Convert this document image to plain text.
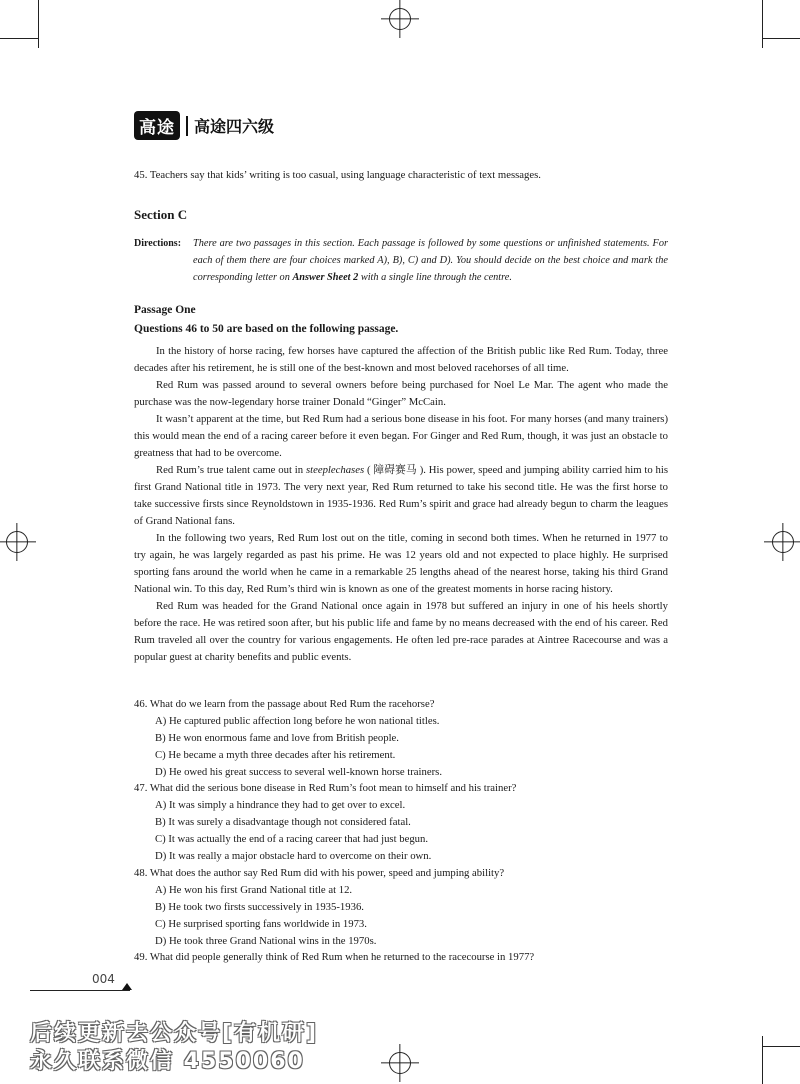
高途	高途四六级
45. Teachers say that kids’ writing is too casual, using language characteristic of text messages.
Section C
Directions: There are two passages in this section. Each passage is followed by some questions or unfinished statements. For each of them there are four choices marked A), B), C) and D). You should decide on the best choice and mark the corresponding letter on Answer Sheet 2 with a single line through the centre.
Passage One
Questions 46 to 50 are based on the following passage.

In the history of horse racing, few horses have captured the affection of the British public like Red Rum. Today, three decades after his retirement, he is still one of the best-known and most beloved racehorses of all time.

Red Rum was passed around to several owners before being purchased for Noel Le Mar. The agent who made the purchase was the now-legendary horse trainer Donald “Ginger” McCain.

It wasn’t apparent at the time, but Red Rum had a serious bone disease in his foot. For many horses (and many trainers) this would mean the end of a racing career before it even began. For Ginger and Red Rum, though, it was just an obstacle to greatness that had to be overcome.

Red Rum’s true talent came out in steeplechases ( 障碍赛马 ). His power, speed and jumping ability carried him to his first Grand National title in 1973. The very next year, Red Rum returned to take his second title. He was the first horse to take successive firsts since Reynoldstown in 1935-1936. Red Rum’s spirit and grace had already begun to charm the leagues of Grand National fans.

In the following two years, Red Rum lost out on the title, coming in second both times. When he returned in 1977 to try again, he was largely regarded as past his prime. He was 12 years old and not expected to place highly. He surprised sporting fans around the world when he came in a remarkable 25 lengths ahead of the nearest horse, taking his third Grand National win. To this day, Red Rum’s third win is known as one of the greatest moments in horse racing history.

Red Rum was headed for the Grand National once again in 1978 but suffered an injury in one of his heels shortly before the race. He was retired soon after, but his public life and fame by no means decreased with the end of his career. Red Rum traveled all over the country for various engagements. He often led pre-race parades at Aintree Racecourse and was a popular guest at charity benefits and public events.

46. What do we learn from the passage about Red Rum the racehorse?
A) He captured public affection long before he won national titles.
B) He won enormous fame and love from British people.
C) He became a myth three decades after his retirement.
D) He owed his great success to several well-known horse trainers.
47. What did the serious bone disease in Red Rum’s foot mean to himself and his trainer?
A) It was simply a hindrance they had to get over to excel.
B) It was surely a disadvantage though not considered fatal.
C) It was actually the end of a racing career that had just begun.
D) It was really a major obstacle hard to overcome on their own.
48. What does the author say Red Rum did with his power, speed and jumping ability?
A) He won his first Grand National title at 12.
B) He took two firsts successively in 1935-1936.
C) He surprised sporting fans worldwide in 1973.
D) He took three Grand National wins in the 1970s.
49. What did people generally think of Red Rum when he returned to the racecourse in 1977?
004
后续更新去公众号[有机研]
永久联系微信 4550060
